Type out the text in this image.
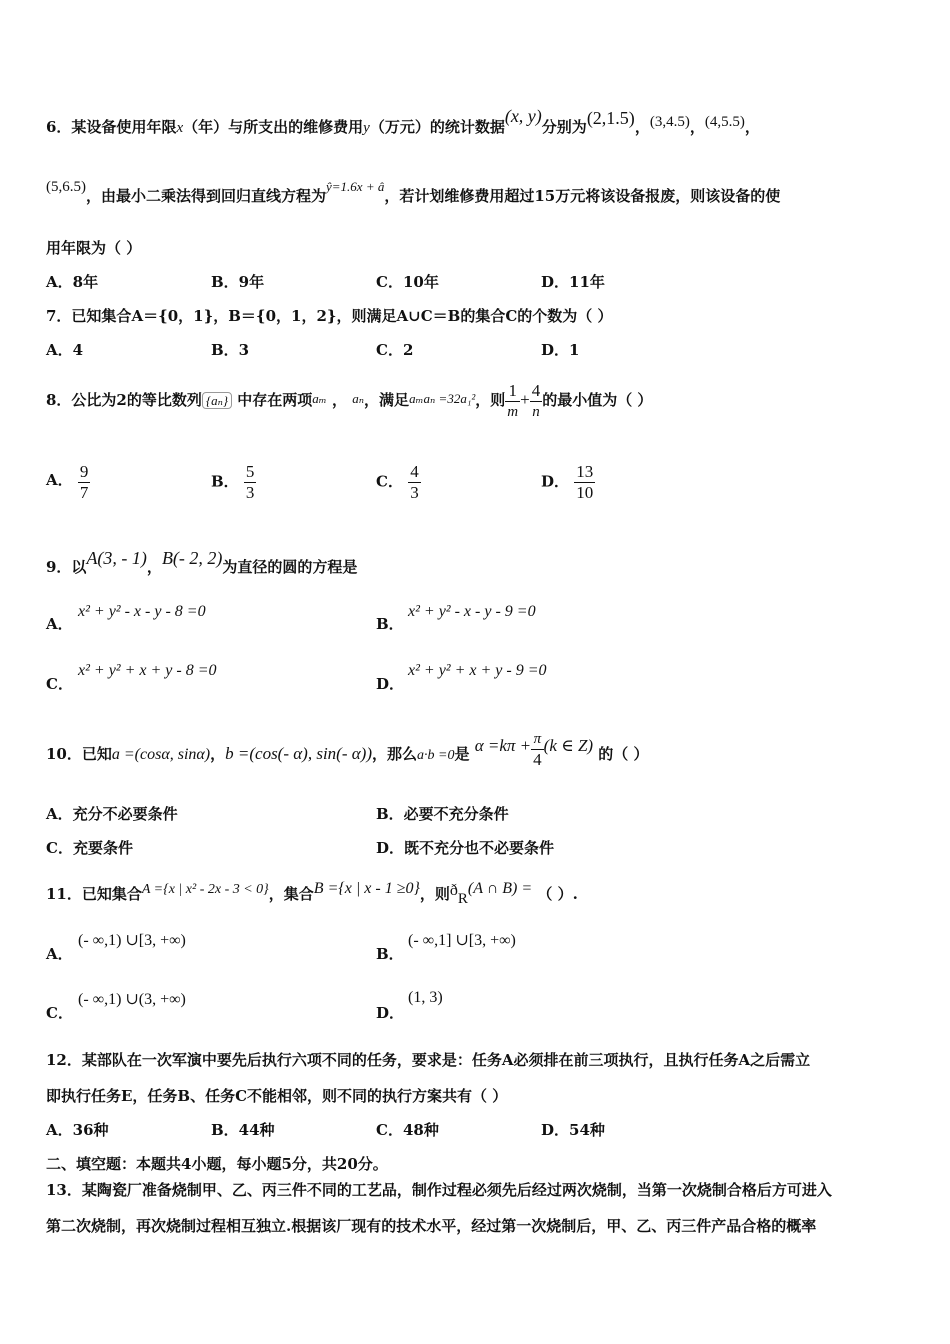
6．某设备使用年限x（年）与所支出的维修费用y（万元）的统计数据(x, y)分别为(2,1.5)，(3,4.5)，(4,5.5)，
(5,6.5)，由最小二乘法得到回归直线方程为ŷ=1.6x + â，若计划维修费用超过15万元将该设备报废，则该设备的使
用年限为（ ）
A．8年	B．9年	C．10年	D．11年
7．已知集合A＝{0，1}，B＝{0，1，2}，则满足A∪C＝B的集合C的个数为（ ）
A．4	B．3	C．2	D．1
8．公比为2的等比数列 {aₙ} 中存在两项aₘ ， aₙ，满足aₘaₙ =32a₁²，则 $\frac{1}{m} + \frac{4}{n}$ 的最小值为（ ）
A． $\frac{9}{7}$	B． $\frac{5}{3}$	C． $\frac{4}{3}$	D． $\frac{13}{10}$
9．以A(3, - 1)，B(- 2, 2)为直径的圆的方程是
A．
x² + y² - x - y - 8 =0
B．
x² + y² - x - y - 9 =0
C．
x² + y² + x + y - 8 =0
D．
x² + y² + x + y - 9 =0
10．已知a =(cosα, sinα)，b =(cos(- α), sin(- α))，那么a·b =0是 $\alpha =k\pi + \frac{\pi}{4} (k$ ∈ Z) 的（ ）
A．充分不必要条件	B．必要不充分条件
C．充要条件	D．既不充分也不必要条件
11．已知集合A ={x | x² - 2x - 3 < 0}，集合B ={x | x - 1 ≥0}，则$ð_R(A$ ∩ B) = （ ）.
A．
(- ∞,1) ∪[3, +∞)
B．
(- ∞,1] ∪[3, +∞)
C．
(- ∞,1) ∪(3, +∞)
D．
(1, 3)
12．某部队在一次军演中要先后执行六项不同的任务，要求是：任务A必须排在前三项执行，且执行任务A之后需立
即执行任务E，任务B、任务C不能相邻，则不同的执行方案共有（ ）
A．36种	B．44种	C．48种	D．54种
二、填空题：本题共4小题，每小题5分，共20分。
13．某陶瓷厂准备烧制甲、乙、丙三件不同的工艺品，制作过程必须先后经过两次烧制，当第一次烧制合格后方可进入
第二次烧制，再次烧制过程相互独立.根据该厂现有的技术水平，经过第一次烧制后，甲、乙、丙三件产品合格的概率
